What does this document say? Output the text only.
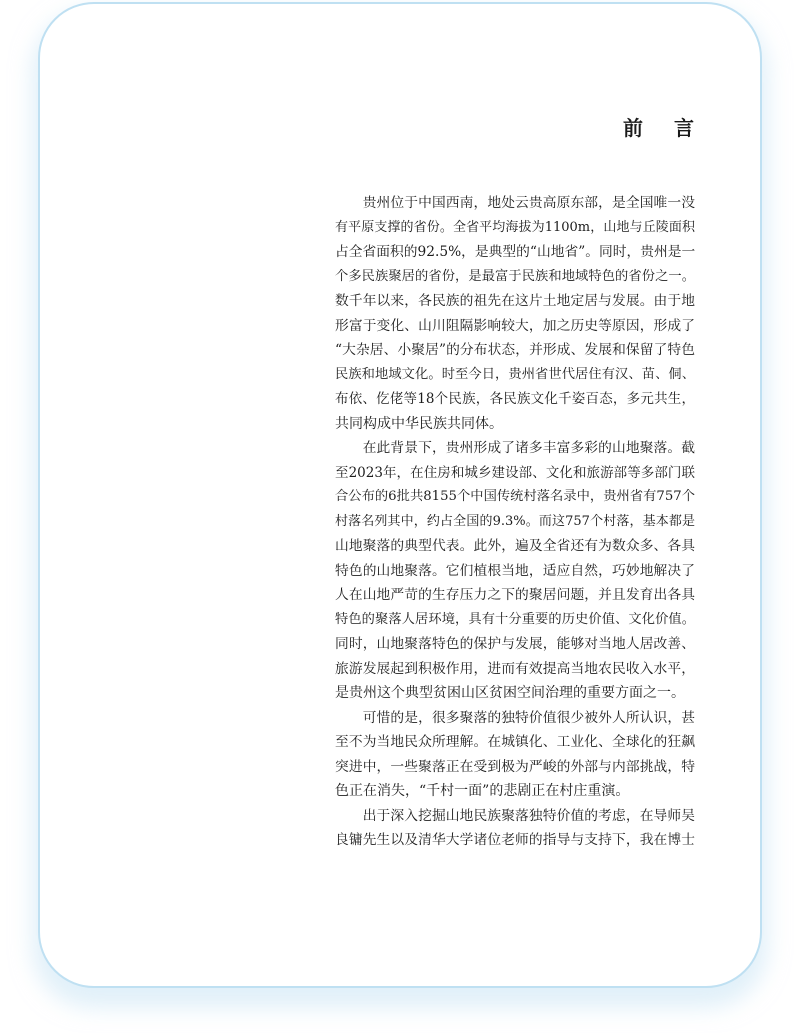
前 言
　　贵州位于中国西南，地处云贵高原东部，是全国唯一没
有平原支撑的省份。全省平均海拔为1100m，山地与丘陵面积
占全省面积的92.5%，是典型的“山地省”。同时，贵州是一
个多民族聚居的省份，是最富于民族和地域特色的省份之一。
数千年以来，各民族的祖先在这片土地定居与发展。由于地
形富于变化、山川阻隔影响较大，加之历史等原因，形成了
“大杂居、小聚居”的分布状态，并形成、发展和保留了特色
民族和地域文化。时至今日，贵州省世代居住有汉、苗、侗、
布依、仡佬等18个民族，各民族文化千姿百态，多元共生，
共同构成中华民族共同体。
　　在此背景下，贵州形成了诸多丰富多彩的山地聚落。截
至2023年，在住房和城乡建设部、文化和旅游部等多部门联
合公布的6批共8155个中国传统村落名录中，贵州省有757个
村落名列其中，约占全国的9.3%。而这757个村落，基本都是
山地聚落的典型代表。此外，遍及全省还有为数众多、各具
特色的山地聚落。它们植根当地，适应自然，巧妙地解决了
人在山地严苛的生存压力之下的聚居问题，并且发育出各具
特色的聚落人居环境，具有十分重要的历史价值、文化价值。
同时，山地聚落特色的保护与发展，能够对当地人居改善、
旅游发展起到积极作用，进而有效提高当地农民收入水平，
是贵州这个典型贫困山区贫困空间治理的重要方面之一。
　　可惜的是，很多聚落的独特价值很少被外人所认识，甚
至不为当地民众所理解。在城镇化、工业化、全球化的狂飙
突进中，一些聚落正在受到极为严峻的外部与内部挑战，特
色正在消失，“千村一面”的悲剧正在村庄重演。
　　出于深入挖掘山地民族聚落独特价值的考虑，在导师吴
良镛先生以及清华大学诸位老师的指导与支持下，我在博士
